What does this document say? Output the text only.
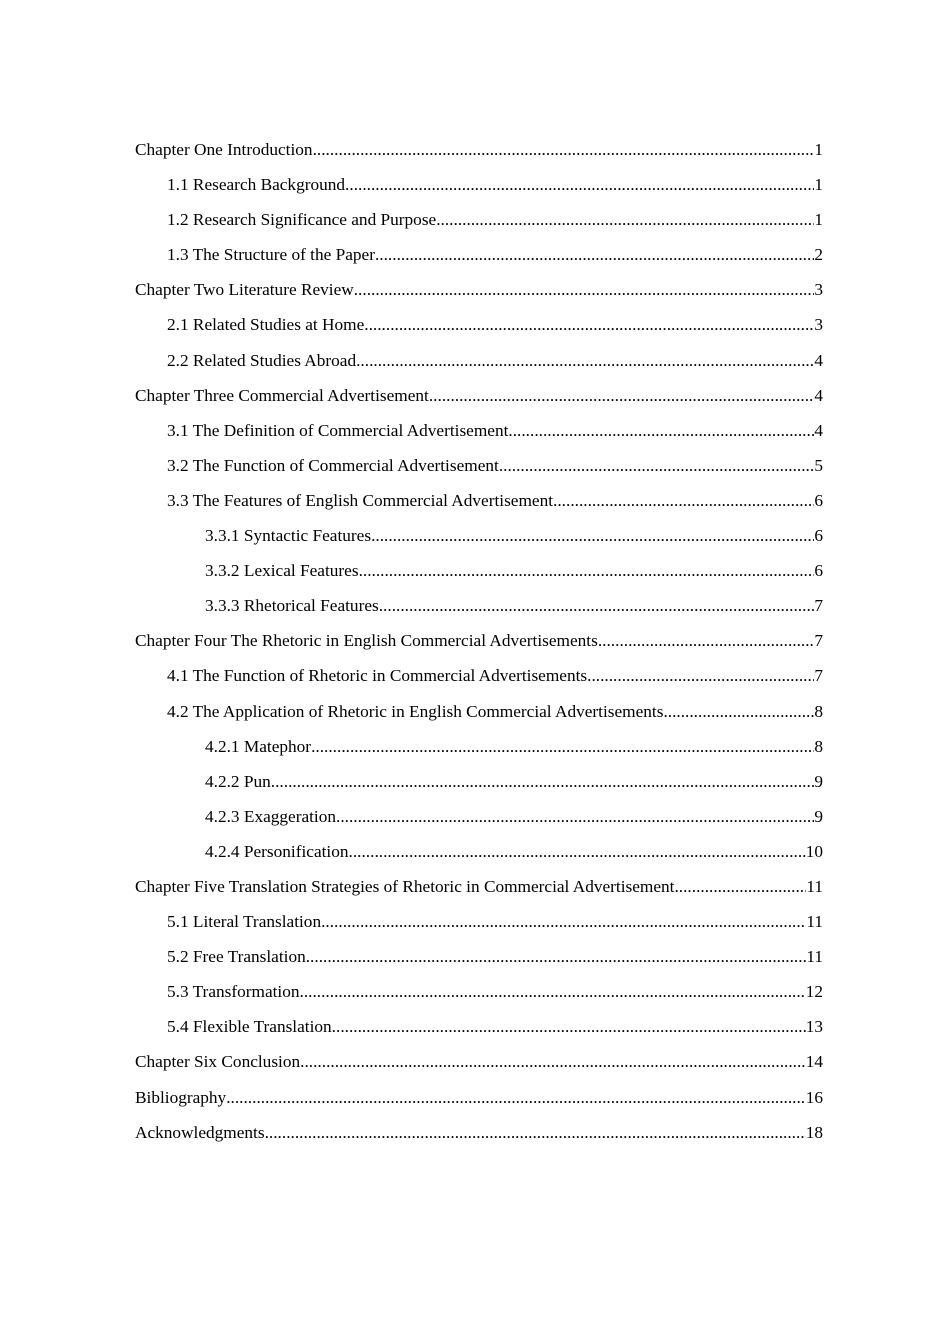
Chapter One Introduction .....	1
1.1 Research Background .....	1
1.2 Research Significance and Purpose .....	1
1.3 The Structure of the Paper .....	2
Chapter Two Literature Review .....	3
2.1 Related Studies at Home .....	3
2.2 Related Studies Abroad .....	4
Chapter Three Commercial Advertisement .....	4
3.1 The Definition of Commercial Advertisement .....	4
3.2 The Function of Commercial Advertisement .....	5
3.3 The Features of English Commercial Advertisement .....	6
3.3.1 Syntactic Features .....	6
3.3.2 Lexical Features .....	6
3.3.3 Rhetorical Features .....	7
Chapter Four The Rhetoric in English Commercial Advertisements .....	7
4.1 The Function of Rhetoric in Commercial Advertisements .....	7
4.2 The Application of Rhetoric in English Commercial Advertisements .....	8
4.2.1 Matephor .....	8
4.2.2 Pun .....	9
4.2.3 Exaggeration .....	9
4.2.4 Personification .....	10
Chapter Five Translation Strategies of Rhetoric in Commercial Advertisement .....	11
5.1 Literal Translation .....	11
5.2 Free Translation .....	11
5.3 Transformation .....	12
5.4 Flexible Translation .....	13
Chapter Six Conclusion .....	14
Bibliography .....	16
Acknowledgments .....	18
